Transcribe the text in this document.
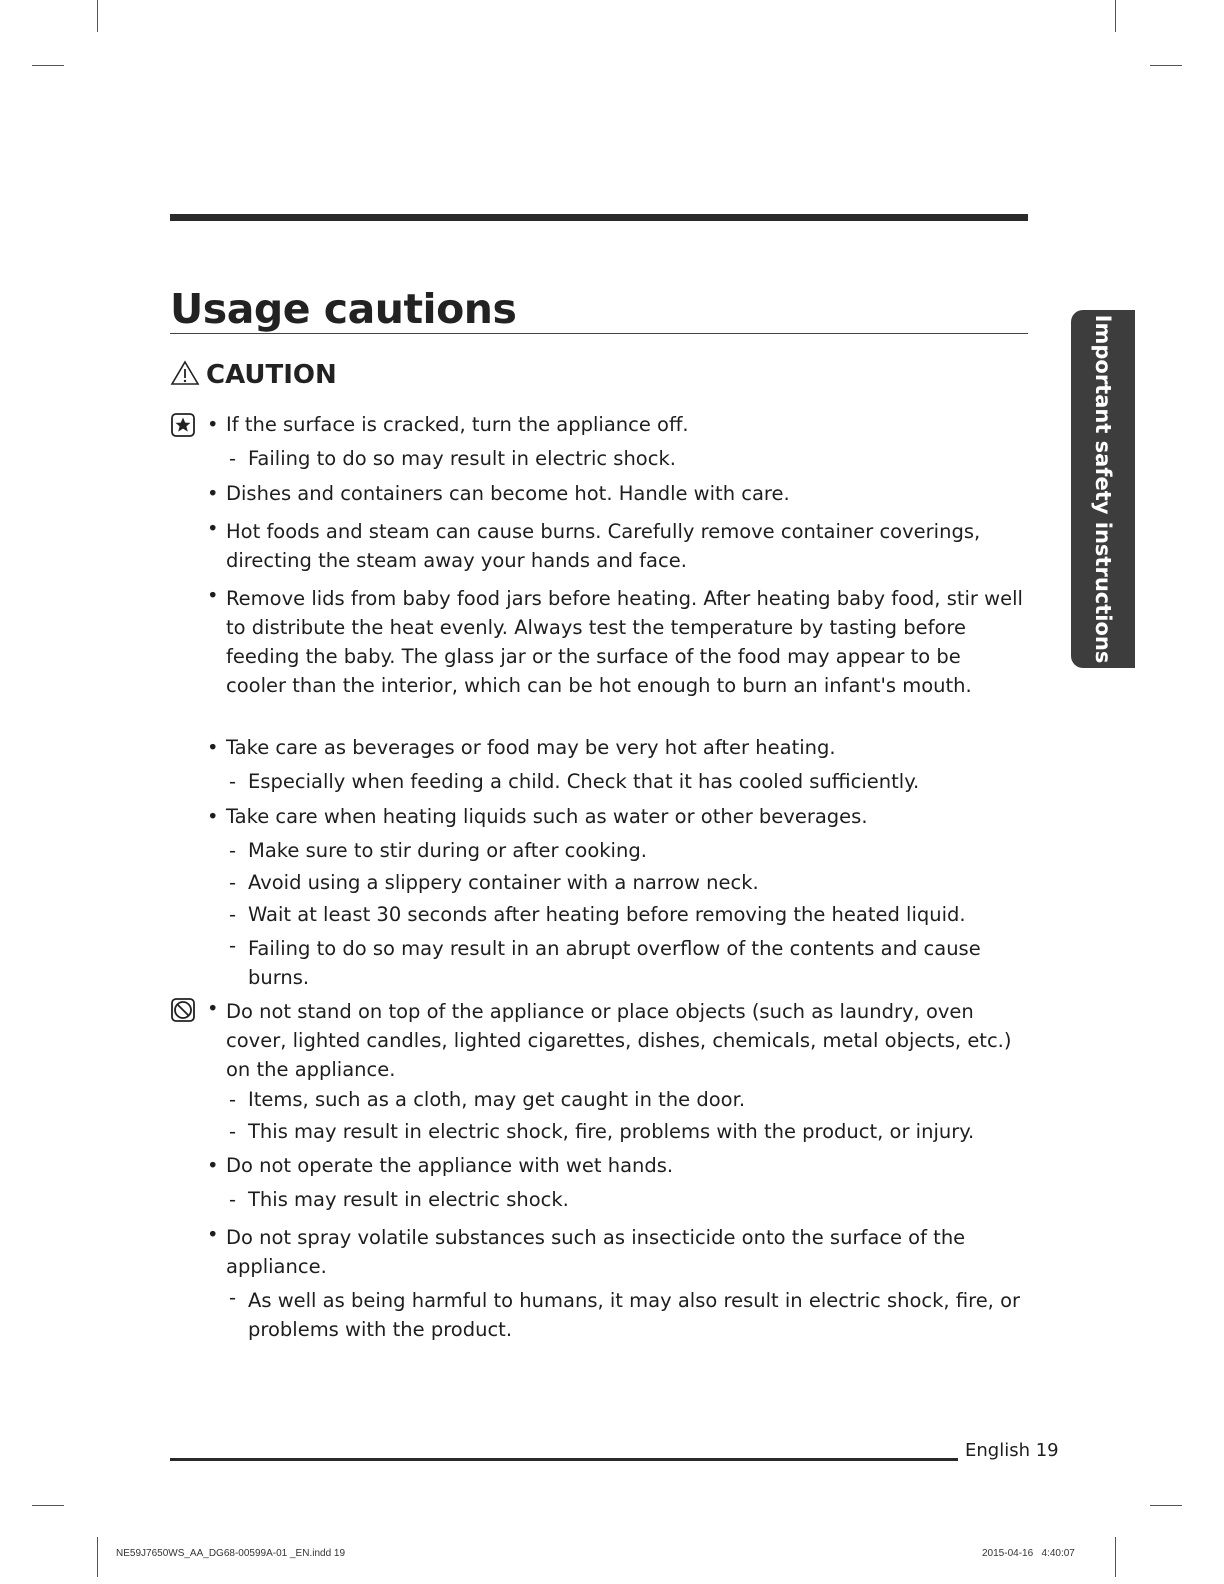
Usage cautions
CAUTION	Important safety instructions
• If the surface is cracked, turn the appliance off.
- Failing to do so may result in electric shock.
• Dishes and containers can become hot. Handle with care.
• Hot foods and steam can cause burns. Carefully remove container coverings, directing the steam away your hands and face.
• Remove lids from baby food jars before heating. After heating baby food, stir well to distribute the heat evenly. Always test the temperature by tasting before feeding the baby. The glass jar or the surface of the food may appear to be cooler than the interior, which can be hot enough to burn an infant's mouth.
• Take care as beverages or food may be very hot after heating.
- Especially when feeding a child. Check that it has cooled sufficiently.
• Take care when heating liquids such as water or other beverages.
- Make sure to stir during or after cooking.
- Avoid using a slippery container with a narrow neck.
- Wait at least 30 seconds after heating before removing the heated liquid.
- Failing to do so may result in an abrupt overflow of the contents and cause burns.
• Do not stand on top of the appliance or place objects (such as laundry, oven cover, lighted candles, lighted cigarettes, dishes, chemicals, metal objects, etc.) on the appliance.
- Items, such as a cloth, may get caught in the door.
- This may result in electric shock, fire, problems with the product, or injury.
• Do not operate the appliance with wet hands.
- This may result in electric shock.
• Do not spray volatile substances such as insecticide onto the surface of the appliance.
- As well as being harmful to humans, it may also result in electric shock, fire, or problems with the product.
English 19
NE59J7650WS_AA_DG68-00599A-01 _EN.indd 19	2015-04-16   4:40:07
